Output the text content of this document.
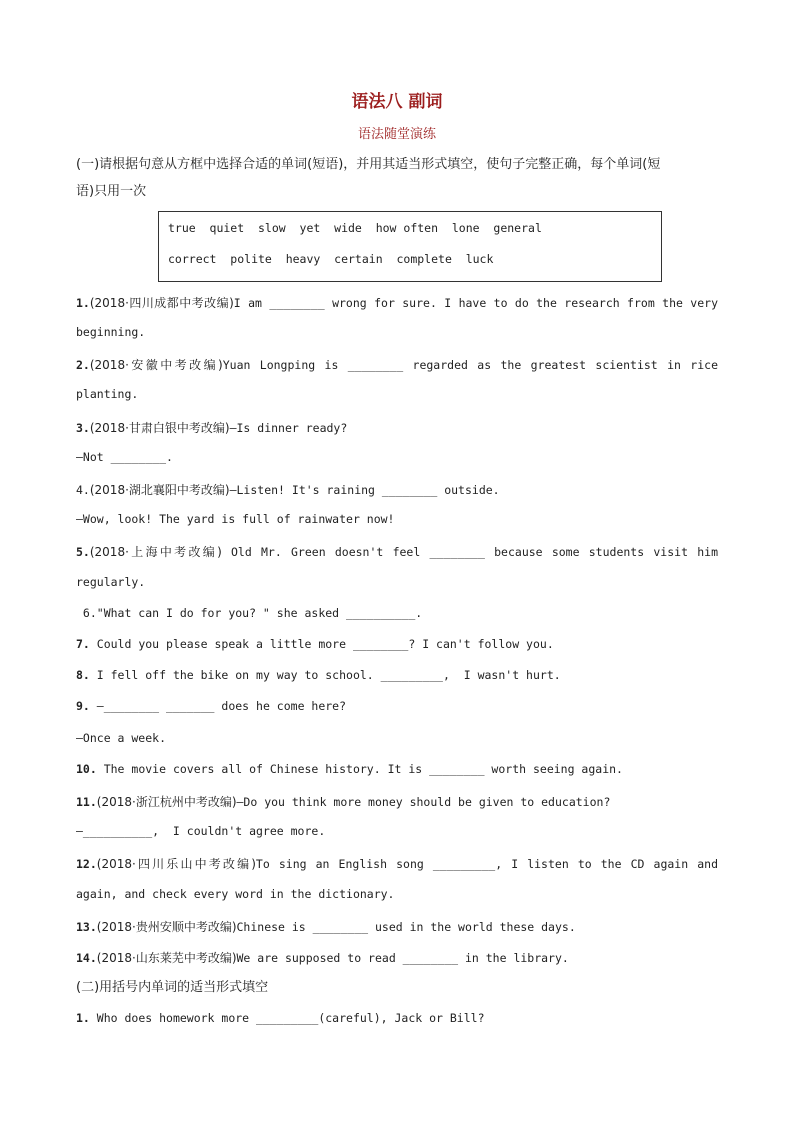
语法八 副词
语法随堂演练
(一)请根据句意从方框中选择合适的单词(短语)，并用其适当形式填空，使句子完整正确，每个单词(短
语)只用一次
true  quiet  slow  yet  wide  how often  lone  general
correct  polite  heavy  certain  complete  luck
1.(2018·四川成都中考改编)I am ________ wrong for sure. I have to do the research from the very
beginning.
2.(2018·安徽中考改编)Yuan Longping is ________ regarded as the greatest scientist in rice
planting.
3.(2018·甘肃白银中考改编)—Is dinner ready?
—Not ________.
4.(2018·湖北襄阳中考改编)—Listen! It's raining ________ outside.
—Wow, look! The yard is full of rainwater now!
5.(2018·上海中考改编) Old Mr. Green doesn't feel ________ because some students visit him
regularly.
6."What can I do for you? " she asked __________.
7. Could you please speak a little more ________? I can't follow you.
8. I fell off the bike on my way to school. _________,  I wasn't hurt.
9. —________ _______ does he come here?
—Once a week.
10. The movie covers all of Chinese history. It is ________ worth seeing again.
11.(2018·浙江杭州中考改编)—Do you think more money should be given to education?
—__________,  I couldn't agree more.
12.(2018·四川乐山中考改编)To sing an English song _________, I listen to the CD again and
again, and check every word in the dictionary.
13.(2018·贵州安顺中考改编)Chinese is ________ used in the world these days.
14.(2018·山东莱芜中考改编)We are supposed to read ________ in the library.
(二)用括号内单词的适当形式填空
1. Who does homework more _________(careful), Jack or Bill?
